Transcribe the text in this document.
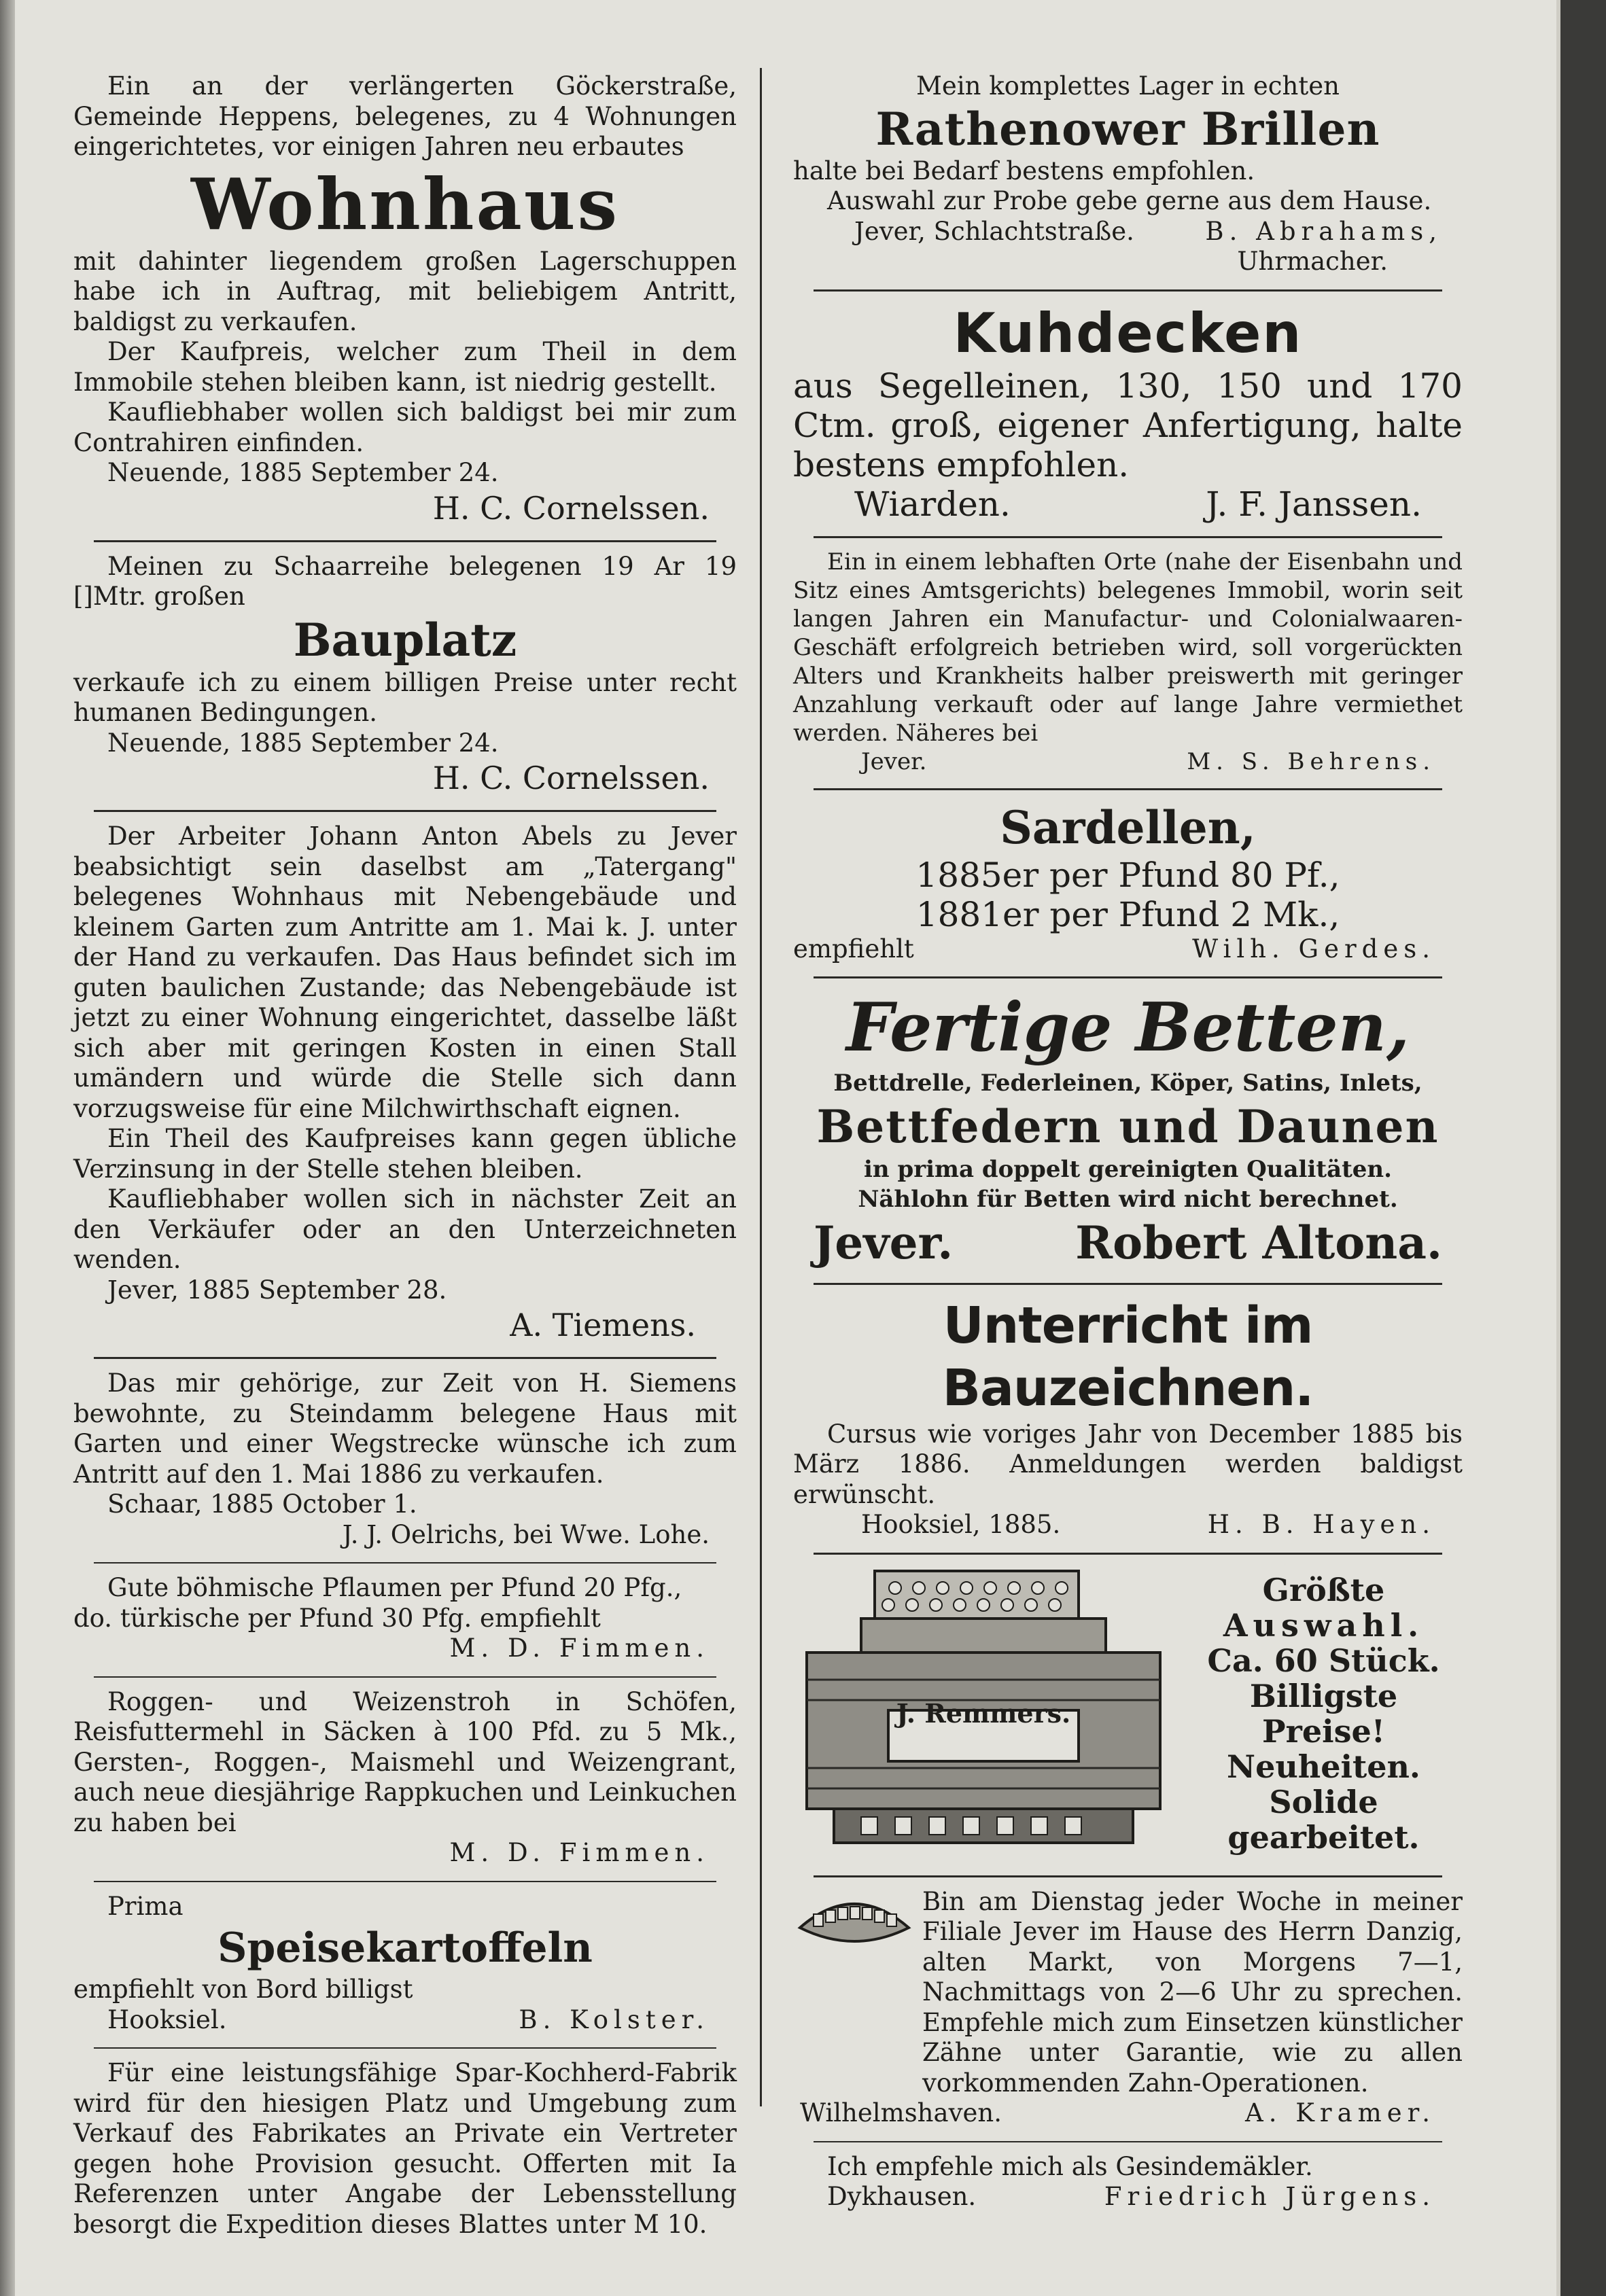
Ein an der verlängerten Göckerstraße, Gemeinde Heppens, belegenes, zu 4 Wohnungen eingerichtetes, vor einigen Jahren neu erbautes

Wohnhaus

mit dahinter liegendem großen Lagerschuppen habe ich in Auftrag, mit beliebigem Antritt, baldigst zu verkaufen.

Der Kaufpreis, welcher zum Theil in dem Immobile stehen bleiben kann, ist niedrig gestellt.

Kaufliebhaber wollen sich baldigst bei mir zum Contrahiren einfinden.

Neuende, 1885 September 24.

H. C. Cornelssen.

Meinen zu Schaarreihe belegenen 19 Ar 19 []Mtr. großen

Bauplatz

verkaufe ich zu einem billigen Preise unter recht humanen Bedingungen.

Neuende, 1885 September 24.

H. C. Cornelssen.

Der Arbeiter Johann Anton Abels zu Jever beabsichtigt sein daselbst am „Tatergang" belegenes Wohnhaus mit Nebengebäude und kleinem Garten zum Antritte am 1. Mai k. J. unter der Hand zu verkaufen. Das Haus befindet sich im guten baulichen Zustande; das Nebengebäude ist jetzt zu einer Wohnung eingerichtet, dasselbe läßt sich aber mit geringen Kosten in einen Stall umändern und würde die Stelle sich dann vorzugsweise für eine Milchwirthschaft eignen.

Ein Theil des Kaufpreises kann gegen übliche Verzinsung in der Stelle stehen bleiben.

Kaufliebhaber wollen sich in nächster Zeit an den Verkäufer oder an den Unterzeichneten wenden.

Jever, 1885 September 28.

A. Tiemens.

Das mir gehörige, zur Zeit von H. Siemens bewohnte, zu Steindamm belegene Haus mit Garten und einer Wegstrecke wünsche ich zum Antritt auf den 1. Mai 1886 zu verkaufen.

Schaar, 1885 October 1.

J. J. Oelrichs, bei Wwe. Lohe.

Gute böhmische Pflaumen per Pfund 20 Pfg.,

do. türkische per Pfund 30 Pfg. empfiehlt

M. D. Fimmen.

Roggen- und Weizenstroh in Schöfen, Reisfuttermehl in Säcken à 100 Pfd. zu 5 Mk., Gersten-, Roggen-, Maismehl und Weizengrant, auch neue diesjährige Rappkuchen und Leinkuchen zu haben bei

M. D. Fimmen.

Prima

Speisekartoffeln

empfiehlt von Bord billigst

Hooksiel.	B. Kolster.

Für eine leistungsfähige Spar-Kochherd-Fabrik wird für den hiesigen Platz und Umgebung zum Verkauf des Fabrikates an Private ein Vertreter gegen hohe Provision gesucht. Offerten mit Ia Referenzen unter Angabe der Lebensstellung besorgt die Expedition dieses Blattes unter M 10.

Mein komplettes Lager in echten

Rathenower Brillen

halte bei Bedarf bestens empfohlen.

Auswahl zur Probe gebe gerne aus dem Hause.

Jever, Schlachtstraße.	B. Abrahams,

Uhrmacher.

Kuhdecken

aus Segelleinen, 130, 150 und 170 Ctm. groß, eigener Anfertigung, halte bestens empfohlen.

Wiarden.	J. F. Janssen.

Ein in einem lebhaften Orte (nahe der Eisenbahn und Sitz eines Amtsgerichts) belegenes Immobil, worin seit langen Jahren ein Manufactur- und Colonialwaaren-Geschäft erfolgreich betrieben wird, soll vorgerückten Alters und Krankheits halber preiswerth mit geringer Anzahlung verkauft oder auf lange Jahre vermiethet werden. Näheres bei

Jever.	M. S. Behrens.
Sardellen,

1885er per Pfund 80 Pf.,

1881er per Pfund 2 Mk.,

empfiehlt	Wilh. Gerdes.
Fertige Betten,

Bettdrelle, Federleinen, Köper, Satins, Inlets,

Bettfedern und Daunen

in prima doppelt gereinigten Qualitäten.

Nählohn für Betten wird nicht berechnet.

Jever.	Robert Altona.
Unterricht im Bauzeichnen.

Cursus wie voriges Jahr von December 1885 bis März 1886. Anmeldungen werden baldigst erwünscht.

Hooksiel, 1885.	H. B. Hayen.
J. Remmers.
Größte
Auswahl.
Ca. 60 Stück.
Billigste
Preise!
Neuheiten.
Solide
gearbeitet.

Bin am Dienstag jeder Woche in meiner Filiale Jever im Hause des Herrn Danzig, alten Markt, von Morgens 7—1, Nachmittags von 2—6 Uhr zu sprechen. Empfehle mich zum Einsetzen künstlicher Zähne unter Garantie, wie zu allen vorkommenden Zahn-Operationen.

Wilhelmshaven.	A. Kramer.

Ich empfehle mich als Gesindemäkler.

Dykhausen.	Friedrich Jürgens.
